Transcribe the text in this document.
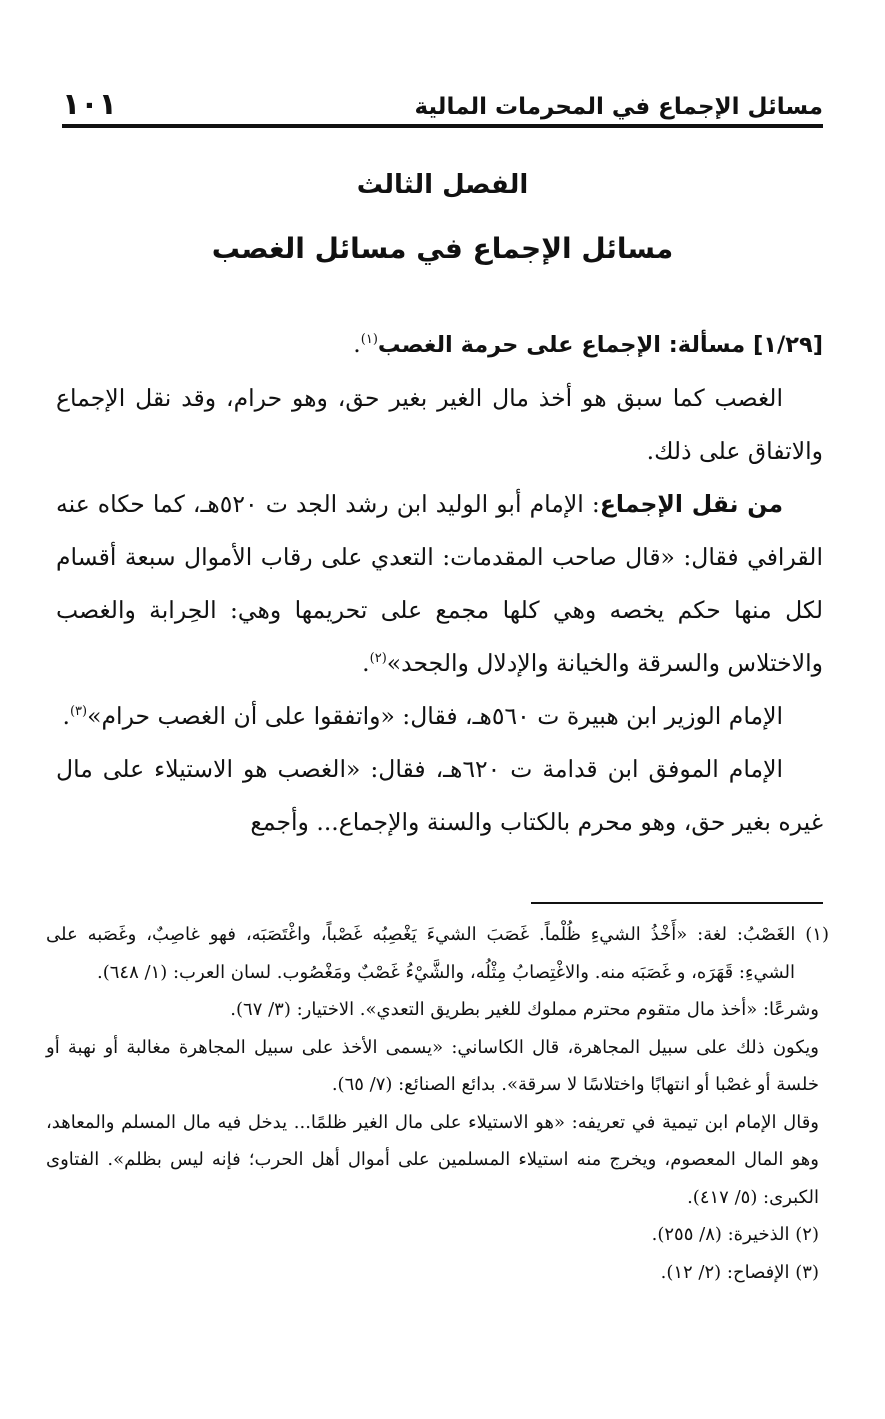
مسائل الإجماع في المحرمات المالية
١٠١
الفصل الثالث
مسائل الإجماع في مسائل الغصب

[١/٢٩] مسألة: الإجماع على حرمة الغصب$^{(١)}$.

الغصب كما سبق هو أخذ مال الغير بغير حق، وهو حرام، وقد نقل الإجماع والاتفاق على ذلك.

من نقل الإجماع: الإمام أبو الوليد ابن رشد الجد ت ٥٢٠هـ، كما حكاه عنه القرافي فقال: «قال صاحب المقدمات: التعدي على رقاب الأموال سبعة أقسام لكل منها حكم يخصه وهي كلها مجمع على تحريمها وهي: الحِرابة والغصب والاختلاس والسرقة والخيانة والإدلال والجحد»$^{(٢)}$.

الإمام الوزير ابن هبيرة ت ٥٦٠هـ، فقال: «واتفقوا على أن الغصب حرام»$^{(٣)}$.

الإمام الموفق ابن قدامة ت ٦٢٠هـ، فقال: «الغصب هو الاستيلاء على مال غيره بغير حق، وهو محرم بالكتاب والسنة والإجماع... وأجمع

(١) الغَصْبُ: لغة: «أَخْذُ الشيءِ ظُلْماً. غَصَبَ الشيءَ يَغْصِبُه غَصْباً، واغْتَصَبَه، فهو غاصِبٌ، وغَصَبه على الشيءِ: قَهَرَه، و غَصَبَه منه. والاغْتِصابُ مِثْلُه، والشَّيْءُ غَصْبٌ ومَغْصُوب. لسان العرب: (١/ ٦٤٨).

وشرعًا: «أخذ مال متقوم محترم مملوك للغير بطريق التعدي». الاختيار: (٣/ ٦٧).

ويكون ذلك على سبيل المجاهرة، قال الكاساني: «يسمى الأخذ على سبيل المجاهرة مغالبة أو نهبة أو خلسة أو غصْبا أو انتهابًا واختلاسًا لا سرقة». بدائع الصنائع: (٧/ ٦٥).

وقال الإمام ابن تيمية في تعريفه: «هو الاستيلاء على مال الغير ظلمًا... يدخل فيه مال المسلم والمعاهد، وهو المال المعصوم، ويخرج منه استيلاء المسلمين على أموال أهل الحرب؛ فإنه ليس بظلم». الفتاوى الكبرى: (٥/ ٤١٧).

(٢) الذخيرة: (٨/ ٢٥٥).

(٣) الإفصاح: (٢/ ١٢).
